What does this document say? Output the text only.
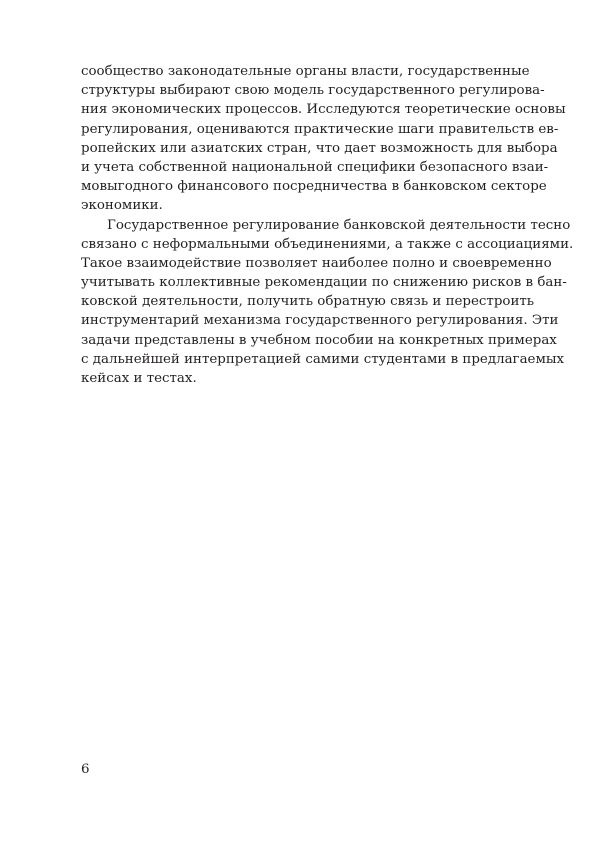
сообщество законодательные органы власти, государственные
структуры выбирают свою модель государственного регулирова-
ния экономических процессов. Исследуются теоретические основы
регулирования, оцениваются практические шаги правительств ев-
ропейских или азиатских стран, что дает возможность для выбора
и учета собственной национальной специфики безопасного взаи-
мовыгодного финансового посредничества в банковском секторе
экономики.
Государственное регулирование банковской деятельности тесно
связано с неформальными объединениями, а также с ассоциациями.
Такое взаимодействие позволяет наиболее полно и своевременно
учитывать коллективные рекомендации по снижению рисков в бан-
ковской деятельности, получить обратную связь и перестроить
инструментарий механизма государственного регулирования. Эти
задачи представлены в учебном пособии на конкретных примерах
с дальнейшей интерпретацией самими студентами в предлагаемых
кейсах и тестах.
6
